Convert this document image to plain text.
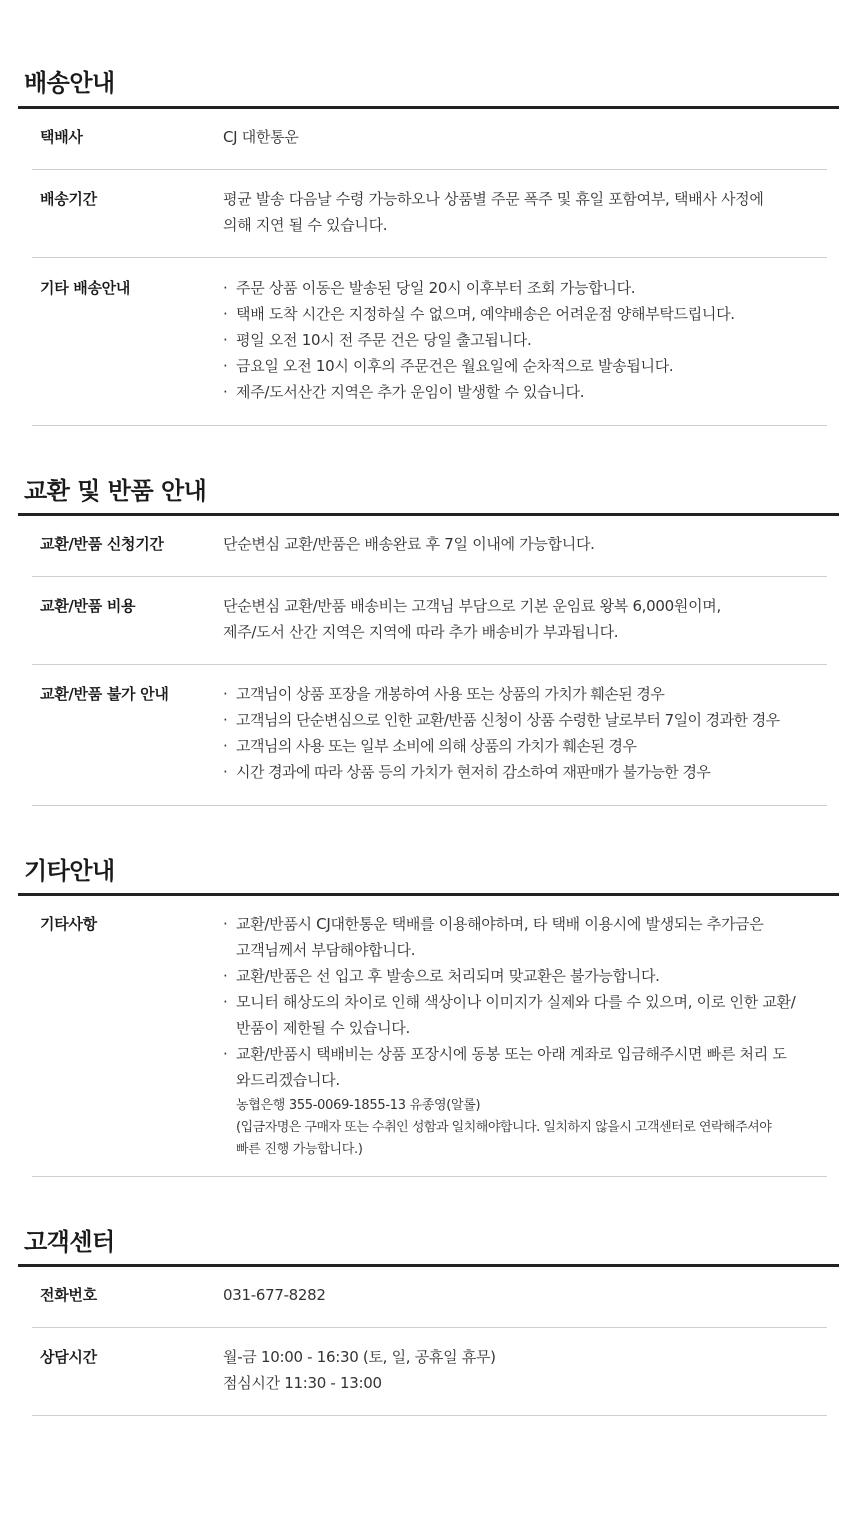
배송안내
택배사	CJ 대한통운
배송기간	평균 발송 다음날 수령 가능하오나 상품별 주문 폭주 및 휴일 포함여부, 택배사 사정에
의해 지연 될 수 있습니다.
기타 배송안내	· 주문 상품 이동은 발송된 당일 20시 이후부터 조회 가능합니다.
· 택배 도착 시간은 지정하실 수 없으며, 예약배송은 어려운점 양해부탁드립니다.
· 평일 오전 10시 전 주문 건은 당일 출고됩니다.
· 금요일 오전 10시 이후의 주문건은 월요일에 순차적으로 발송됩니다.
· 제주/도서산간 지역은 추가 운임이 발생할 수 있습니다.
교환 및 반품 안내
교환/반품 신청기간	단순변심 교환/반품은 배송완료 후 7일 이내에 가능합니다.
교환/반품 비용	단순변심 교환/반품 배송비는 고객님 부담으로 기본 운임료 왕복 6,000원이며,
제주/도서 산간 지역은 지역에 따라 추가 배송비가 부과됩니다.
교환/반품 불가 안내	· 고객님이 상품 포장을 개봉하여 사용 또는 상품의 가치가 훼손된 경우
· 고객님의 단순변심으로 인한 교환/반품 신청이 상품 수령한 날로부터 7일이 경과한 경우
· 고객님의 사용 또는 일부 소비에 의해 상품의 가치가 훼손된 경우
· 시간 경과에 따라 상품 등의 가치가 현저히 감소하여 재판매가 불가능한 경우
기타안내
기타사항	· 교환/반품시 CJ대한통운 택배를 이용해야하며, 타 택배 이용시에 발생되는 추가금은
고객님께서 부담해야합니다.
· 교환/반품은 선 입고 후 발송으로 처리되며 맞교환은 불가능합니다.
· 모니터 해상도의 차이로 인해 색상이나 이미지가 실제와 다를 수 있으며, 이로 인한 교환/
반품이 제한될 수 있습니다.
· 교환/반품시 택배비는 상품 포장시에 동봉 또는 아래 계좌로 입금해주시면 빠른 처리 도
와드리겠습니다.
농협은행 355-0069-1855-13 유종영(알롤)
(입금자명은 구매자 또는 수취인 성함과 일치해야합니다. 일치하지 않을시 고객센터로 연락해주셔야
빠른 진행 가능합니다.)
고객센터
전화번호	031-677-8282
상담시간	월-금 10:00 - 16:30 (토, 일, 공휴일 휴무)
점심시간 11:30 - 13:00
